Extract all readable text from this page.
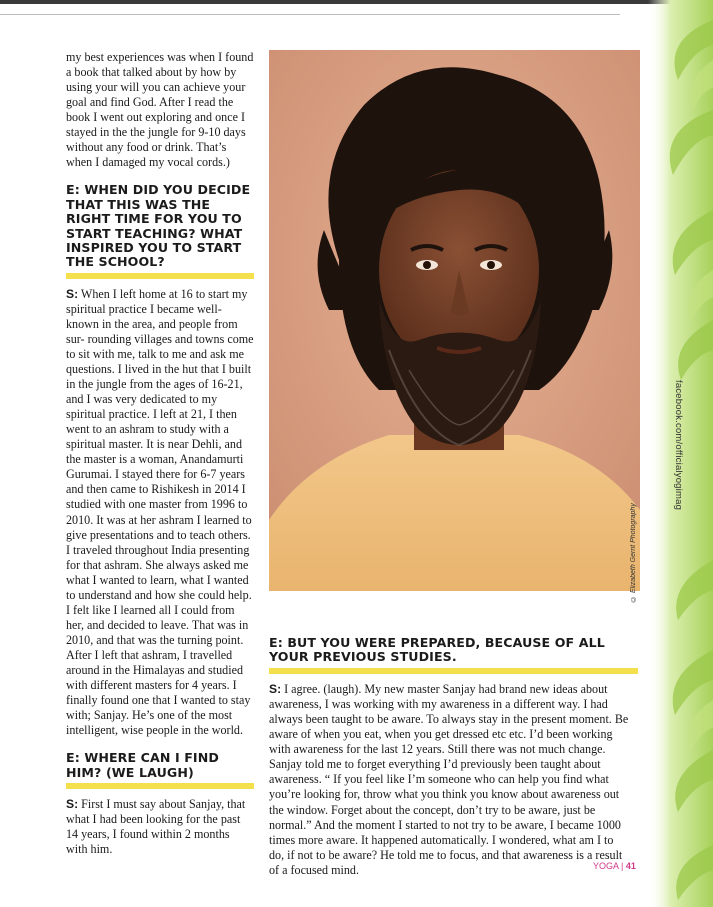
facebook.com/officialyogimag

my best experiences was when I found a book that talked about by how by using your will you can achieve your goal and find God. After I read the book I went out exploring and once I stayed in the the jungle for 9-10 days without any food or drink. That’s when I damaged my vocal cords.)

E: WHEN DID YOU DECIDE THAT THIS WAS THE RIGHT TIME FOR YOU TO START TEACHING? WHAT INSPIRED YOU TO START THE SCHOOL?

S: When I left home at 16 to start my spiritual practice I became well-known in the area, and people from sur- rounding villages and towns come to sit with me, talk to me and ask me questions. I lived in the hut that I built in the jungle from the ages of 16-21, and I was very dedicated to my spiritual practice. I left at 21, I then went to an ashram to study with a spiritual master. It is near Dehli, and the master is a woman, Anandamurti Gurumai. I stayed there for 6-7 years and then came to Rishikesh in 2014 I studied with one master from 1996 to 2010. It was at her ashram I learned to give presentations and to teach others. I traveled throughout India presenting for that ashram. She always asked me what I wanted to learn, what I wanted to understand and how she could help. I felt like I learned all I could from her, and decided to leave. That was in 2010, and that was the turning point. After I left that ashram, I travelled around in the Himalayas and studied with different masters for 4 years. I finally found one that I wanted to stay with; Sanjay. He’s one of the most intelligent, wise people in the world.

E: WHERE CAN I FIND HIM? (WE LAUGH)

S: First I must say about Sanjay, that what I had been looking for the past 14 years, I found within 2 months with him.

© Elizabeth Gerrit Photography
E: BUT YOU WERE PREPARED, BECAUSE OF ALL YOUR PREVIOUS STUDIES.

S: I agree. (laugh). My new master Sanjay had brand new ideas about awareness, I was working with my awareness in a different way. I had always been taught to be aware. To always stay in the present moment. Be aware of when you eat, when you get dressed etc etc. I’d been working with awareness for the last 12 years. Still there was not much change. Sanjay told me to forget everything I’d previously been taught about awareness. “ If you feel like I’m someone who can help you find what you’re looking for, throw what you think you know about awareness out the window. Forget about the concept, don’t try to be aware, just be normal.” And the moment I started to not try to be aware, I became 1000 times more aware. It happened automatically. I wondered, what am I to do, if not to be aware? He told me to focus, and that awareness is a result of a focused mind.	YOGA | 41
